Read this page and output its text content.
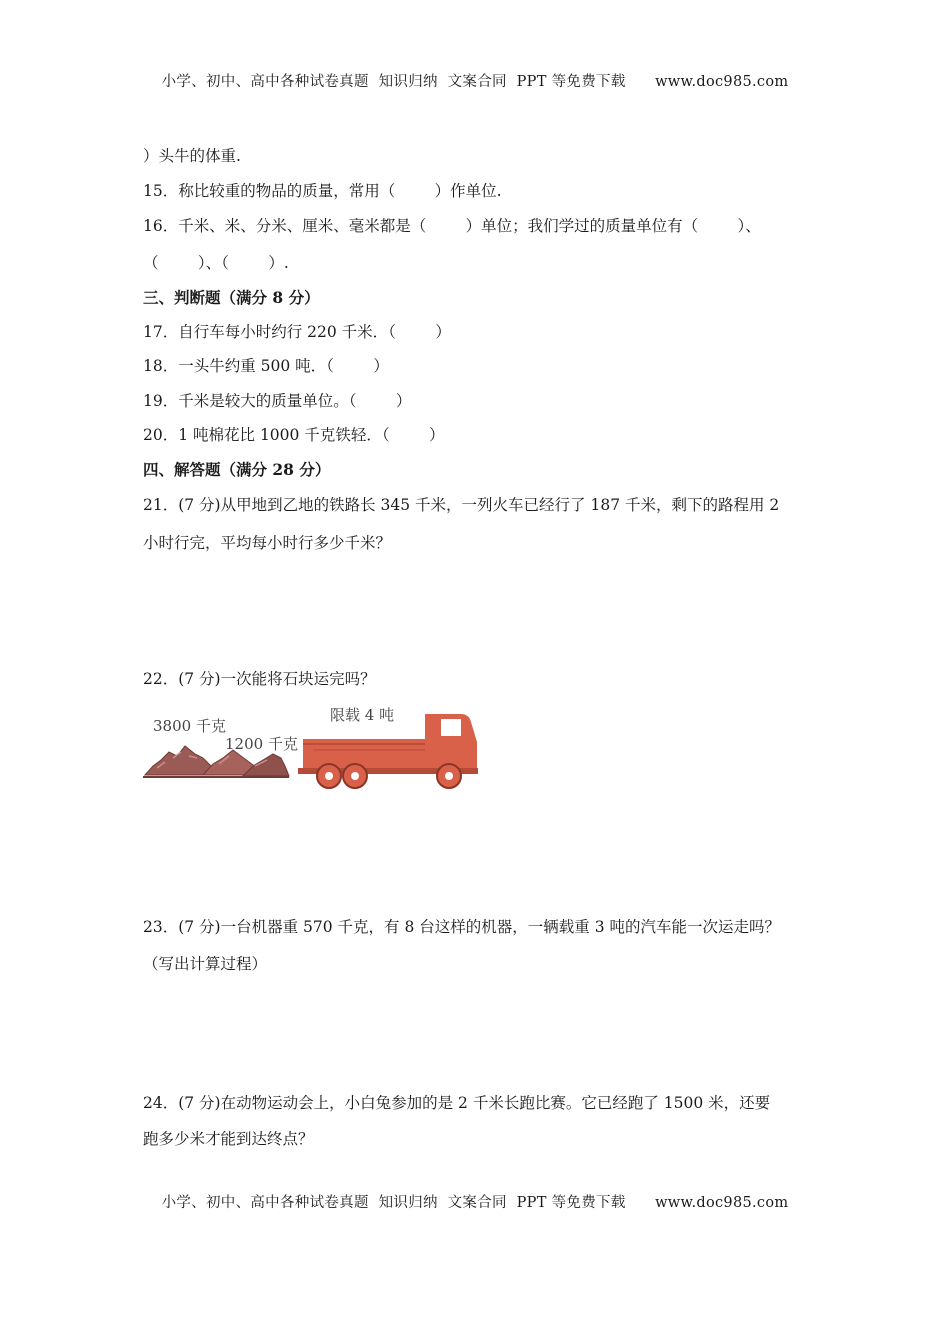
小学、初中、高中各种试卷真题  知识归纳  文案合同  PPT 等免费下载      www.doc985.com
）头牛的体重.
15．称比较重的物品的质量，常用（        ）作单位.
16．千米、米、分米、厘米、毫米都是（        ）单位；我们学过的质量单位有（        ）、
（        ）、（        ）.
三、判断题（满分 8 分）
17．自行车每小时约行 220 千米．（        ）
18．一头牛约重 500 吨．（        ）
19．千米是较大的质量单位。（        ）
20．1 吨棉花比 1000 千克铁轻．（        ）
四、解答题（满分 28 分）
21．(7 分)从甲地到乙地的铁路长 345 千米，一列火车已经行了 187 千米，剩下的路程用 2
小时行完，平均每小时行多少千米？
22．(7 分)一次能将石块运完吗？
3800 千克
1200 千克
限载 4 吨
23．(7 分)一台机器重 570 千克，有 8 台这样的机器，一辆载重 3 吨的汽车能一次运走吗？
（写出计算过程）
24．(7 分)在动物运动会上，小白兔参加的是 2 千米长跑比赛。它已经跑了 1500 米，还要
跑多少米才能到达终点？
小学、初中、高中各种试卷真题  知识归纳  文案合同  PPT 等免费下载      www.doc985.com
